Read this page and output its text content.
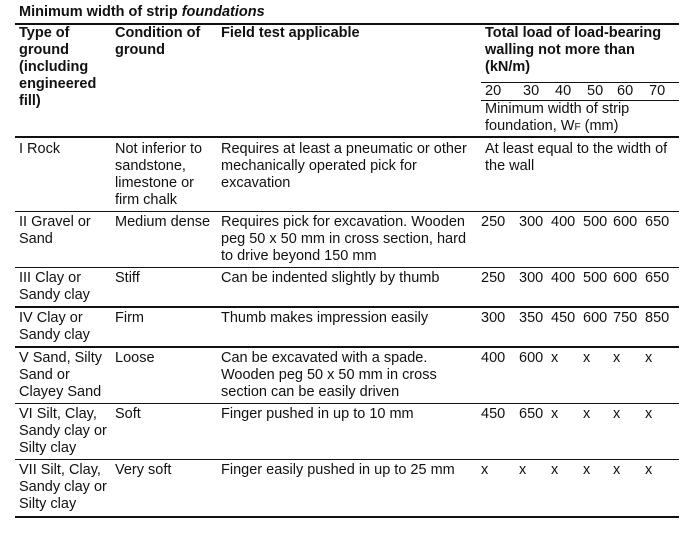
Minimum width of strip foundations
Type of ground (including engineered fill)	Condition of ground	Field test applicable	Total load of load-bearing walling not more than (kN/m)					
			20	30	40	50	60	70
			Minimum width of strip foundation, WF (mm)					
I Rock	Not inferior to sandstone, limestone or firm chalk	Requires at least a pneumatic or other mechanically operated pick for excavation	At least equal to the width of the wall					
II Gravel or Sand	Medium dense	Requires pick for excavation. Wooden peg 50 x 50 mm in cross section, hard to drive beyond 150 mm	250	300	400	500	600	650
III Clay or Sandy clay	Stiff	Can be indented slightly by thumb	250	300	400	500	600	650
IV Clay or Sandy clay	Firm	Thumb makes impression easily	300	350	450	600	750	850
V Sand, Silty Sand or Clayey Sand	Loose	Can be excavated with a spade. Wooden peg 50 x 50 mm in cross section can be easily driven	400	600	x	x	x	x
VI Silt, Clay, Sandy clay or Silty clay	Soft	Finger pushed in up to 10 mm	450	650	x	x	x	x
VII Silt, Clay, Sandy clay or Silty clay	Very soft	Finger easily pushed in up to 25 mm	x	x	x	x	x	x
